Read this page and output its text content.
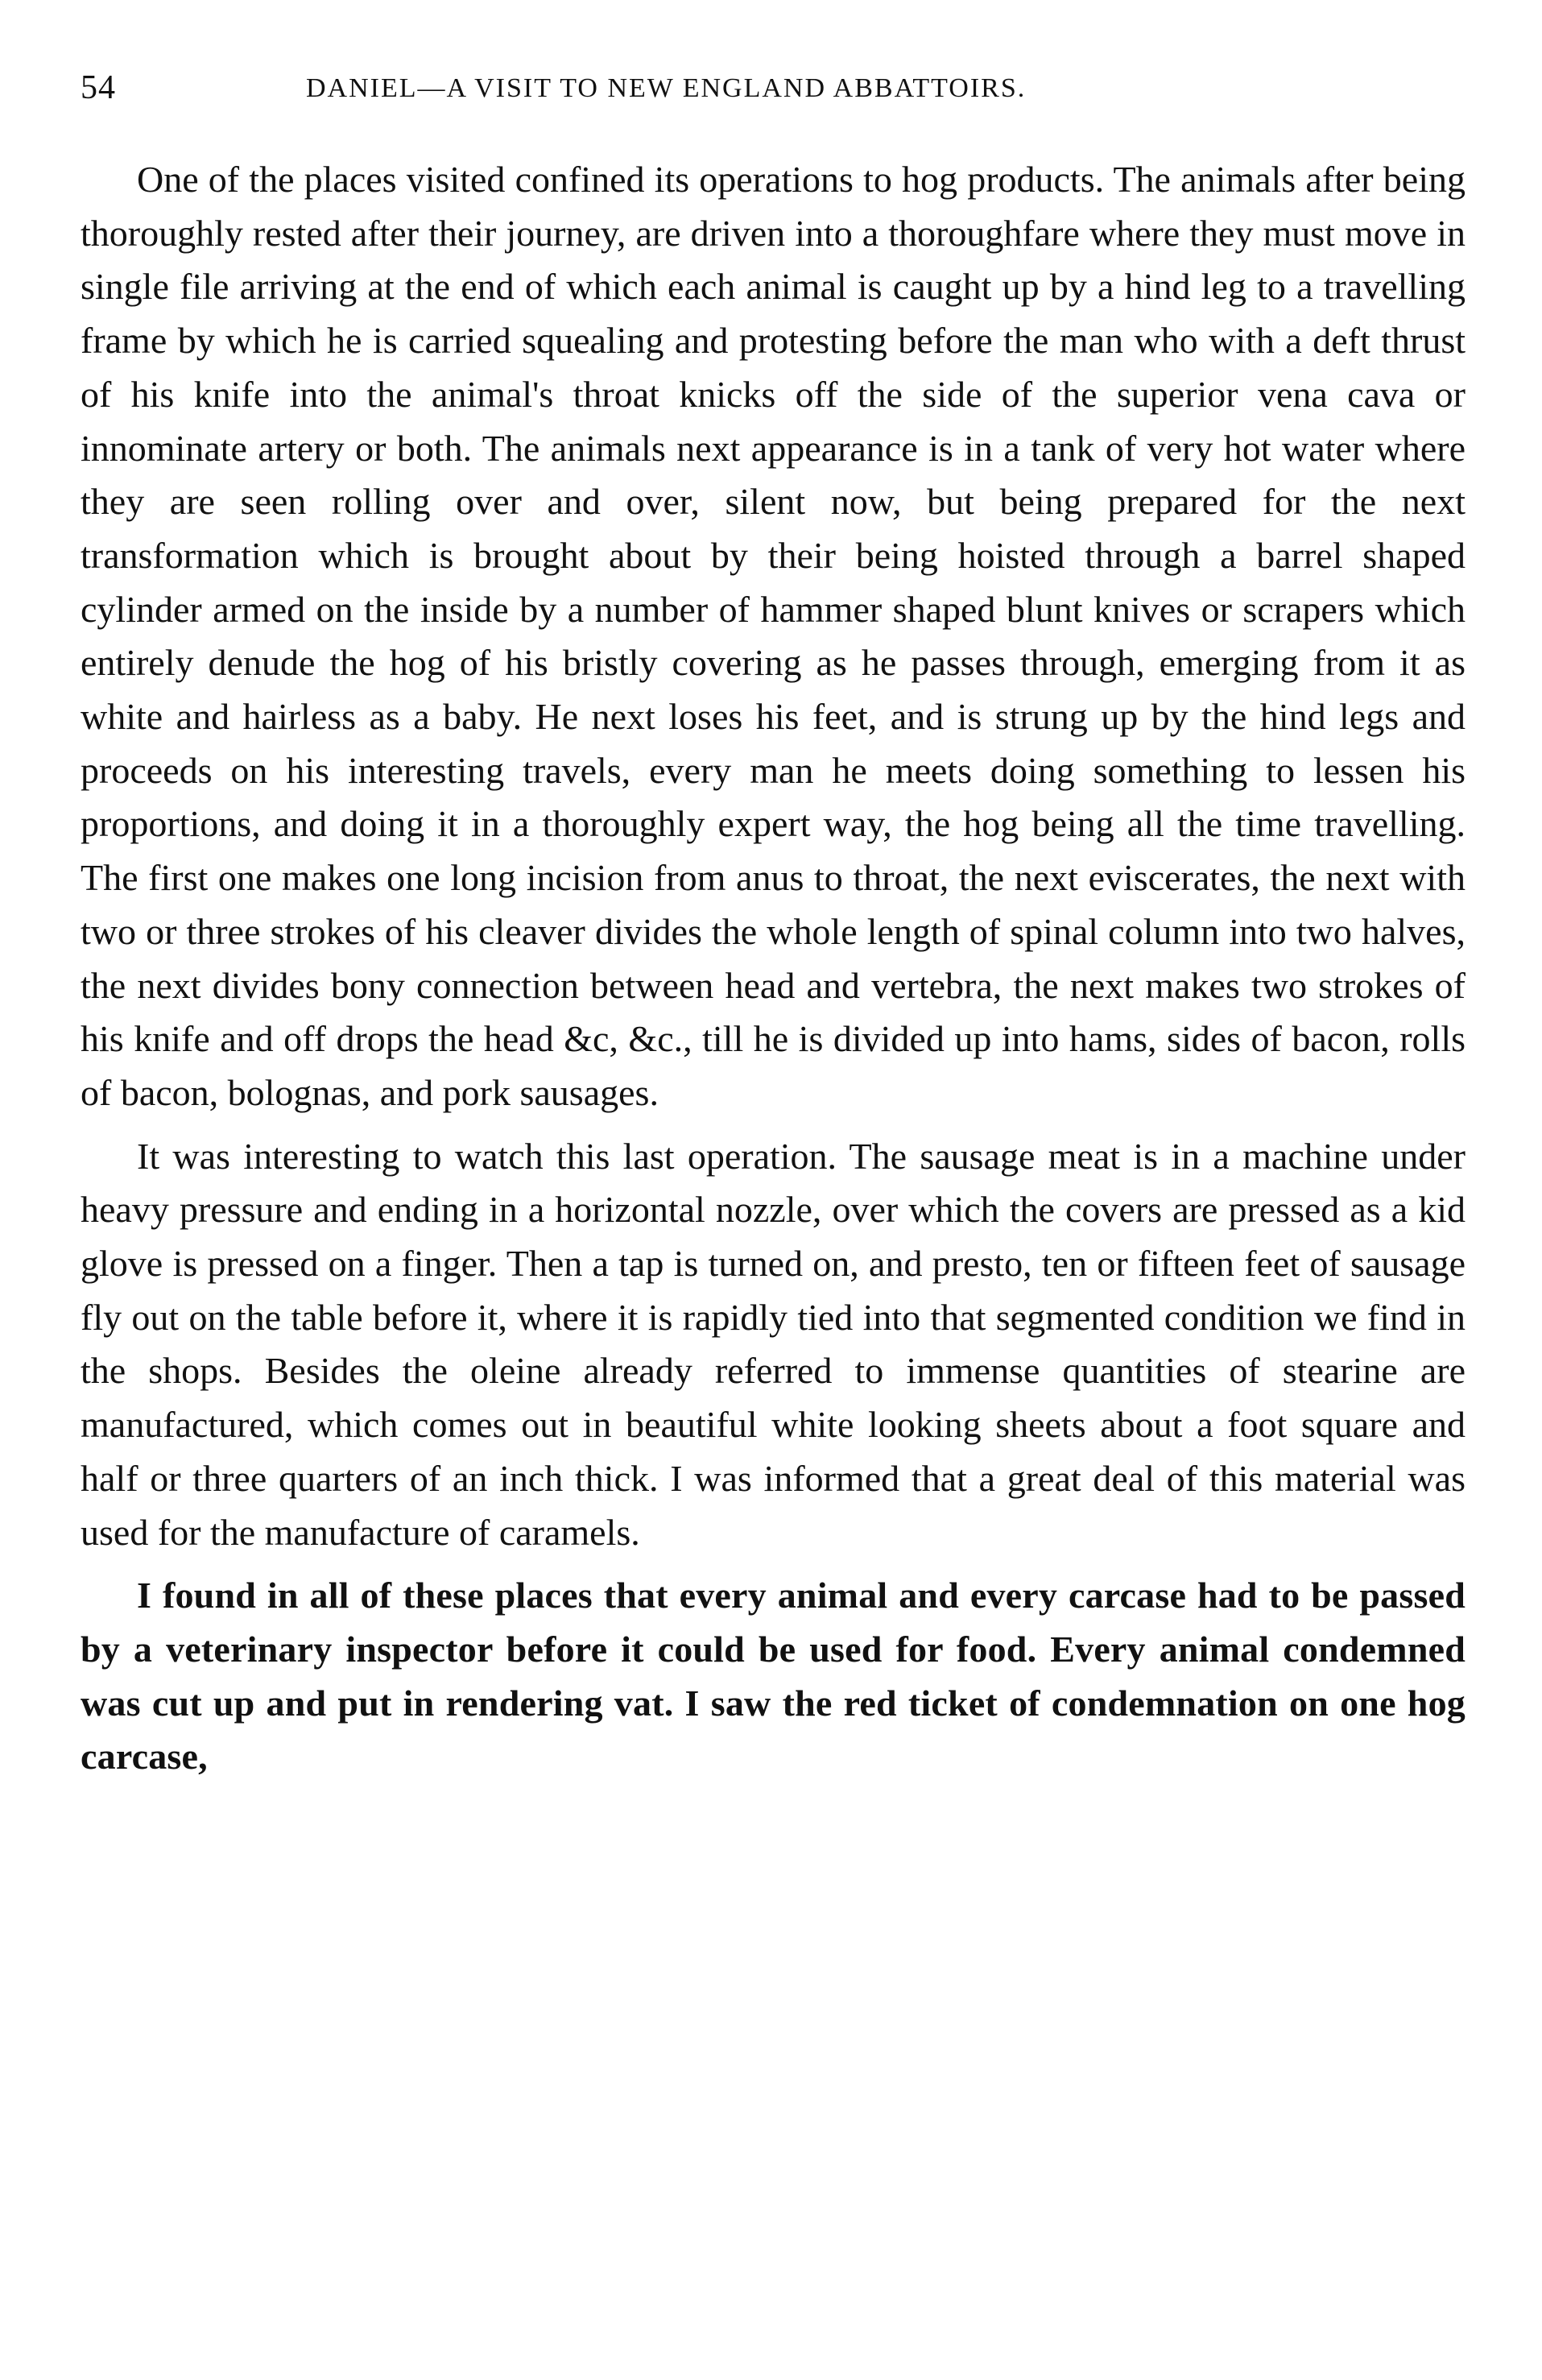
54	DANIEL—A VISIT TO NEW ENGLAND ABBATTOIRS.

One of the places visited confined its operations to hog products. The animals after being thoroughly rested after their journey, are driven into a thoroughfare where they must move in single file arriving at the end of which each animal is caught up by a hind leg to a travelling frame by which he is carried squealing and protesting before the man who with a deft thrust of his knife into the animal's throat knicks off the side of the superior vena cava or innominate artery or both. The animals next appearance is in a tank of very hot water where they are seen rolling over and over, silent now, but being prepared for the next transformation which is brought about by their being hoisted through a barrel shaped cylinder armed on the inside by a number of hammer shaped blunt knives or scrapers which entirely denude the hog of his bristly covering as he passes through, emerging from it as white and hairless as a baby. He next loses his feet, and is strung up by the hind legs and proceeds on his interesting travels, every man he meets doing something to lessen his proportions, and doing it in a thoroughly expert way, the hog being all the time travelling. The first one makes one long incision from anus to throat, the next eviscerates, the next with two or three strokes of his cleaver divides the whole length of spinal column into two halves, the next divides bony connection between head and vertebra, the next makes two strokes of his knife and off drops the head &c, &c., till he is divided up into hams, sides of bacon, rolls of bacon, bolognas, and pork sausages.

It was interesting to watch this last operation. The sausage meat is in a machine under heavy pressure and ending in a horizontal nozzle, over which the covers are pressed as a kid glove is pressed on a finger. Then a tap is turned on, and presto, ten or fifteen feet of sausage fly out on the table before it, where it is rapidly tied into that segmented condition we find in the shops. Besides the oleine already referred to immense quantities of stearine are manufactured, which comes out in beautiful white looking sheets about a foot square and half or three quarters of an inch thick. I was informed that a great deal of this material was used for the manufacture of caramels.

I found in all of these places that every animal and every carcase had to be passed by a veterinary inspector before it could be used for food. Every animal condemned was cut up and put in rendering vat. I saw the red ticket of condemnation on one hog carcase,
